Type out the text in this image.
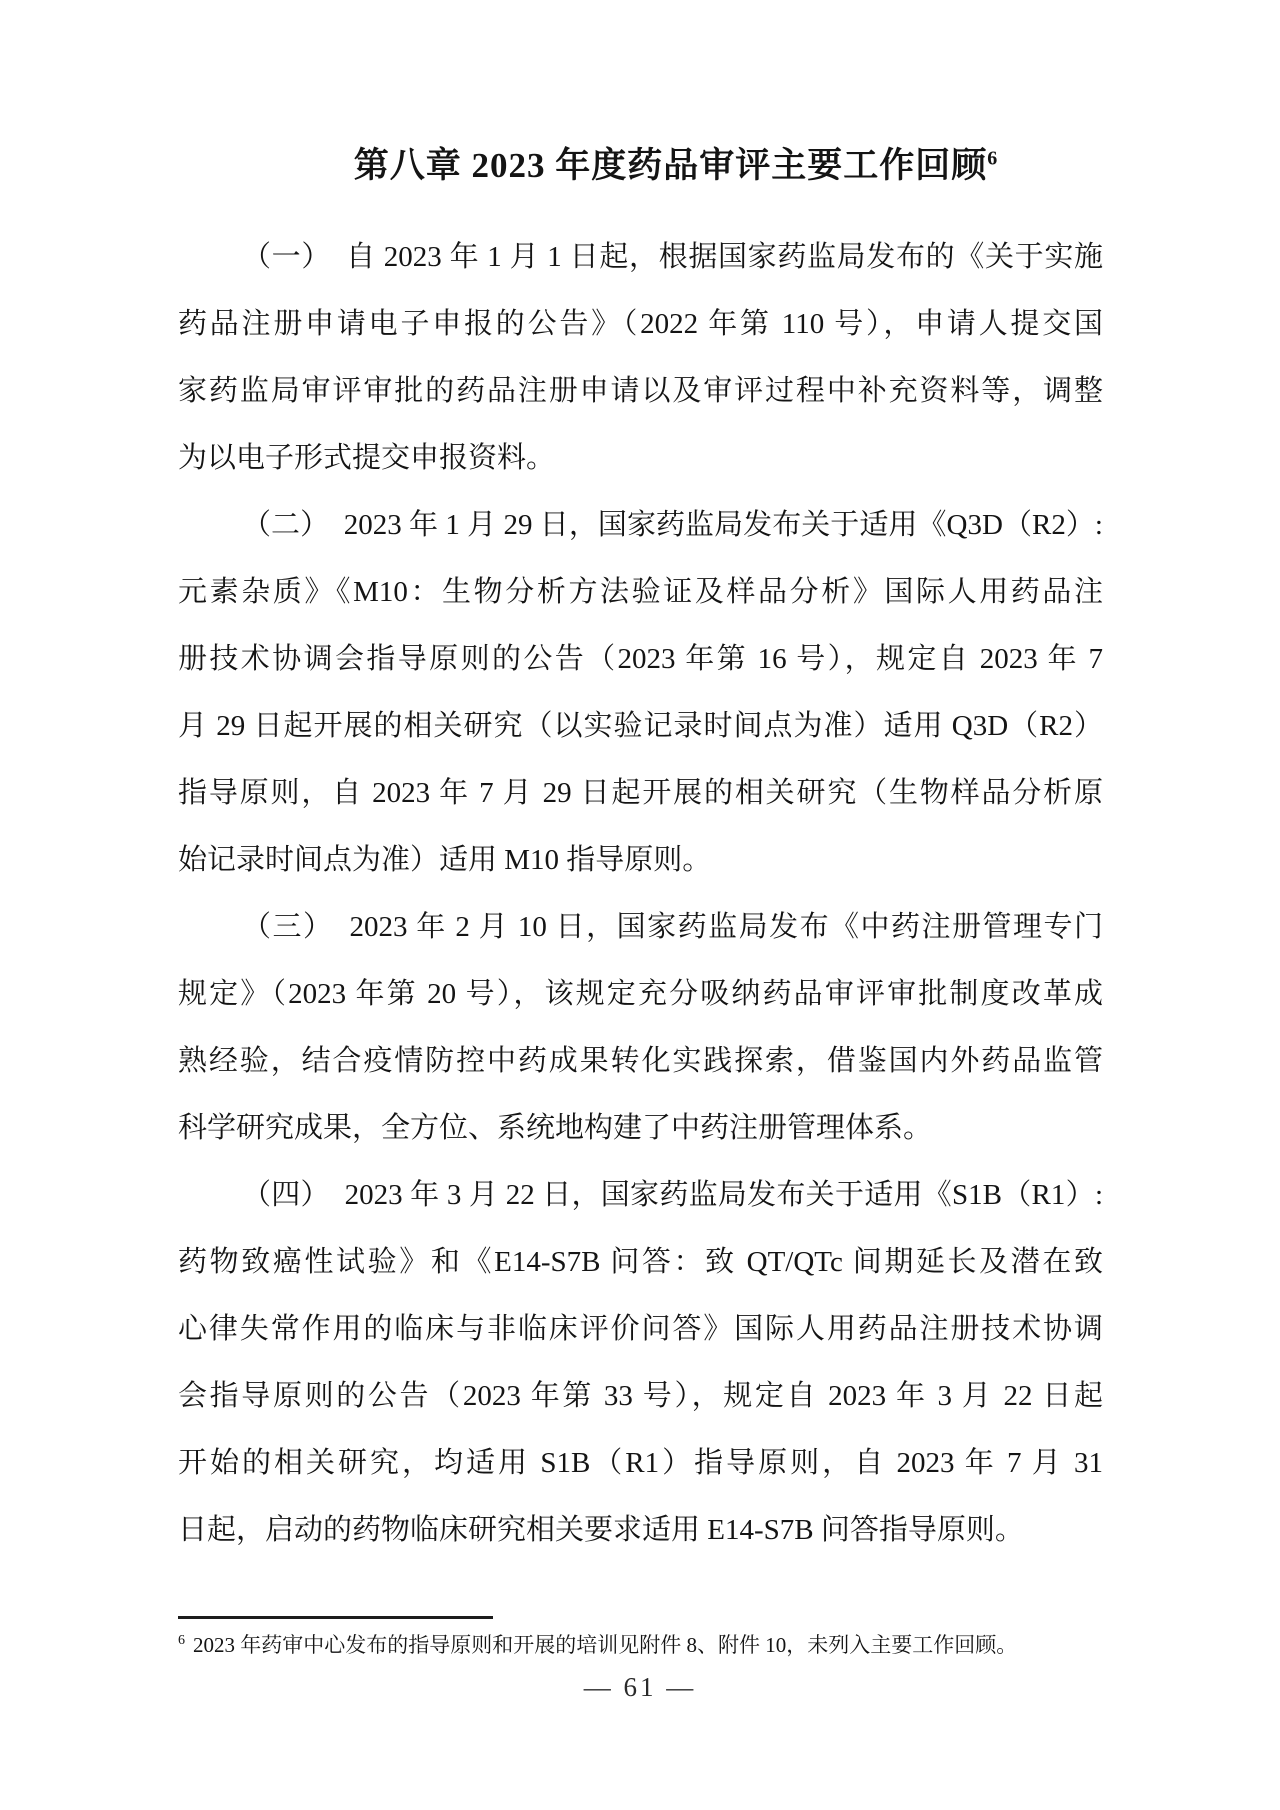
第八章 2023 年度药品审评主要工作回顾$^6$
（一）　自 2023 年 1 月 1 日起，根据国家药监局发布的《关于实施
药品注册申请电子申报的公告》（2022 年第 110 号），申请人提交国
家药监局审评审批的药品注册申请以及审评过程中补充资料等，调整
为以电子形式提交申报资料。
（二）　2023 年 1 月 29 日，国家药监局发布关于适用《Q3D（R2）:
元素杂质》《M10：生物分析方法验证及样品分析》国际人用药品注
册技术协调会指导原则的公告（2023 年第 16 号），规定自 2023 年 7
月 29 日起开展的相关研究（以实验记录时间点为准）适用 Q3D（R2）
指导原则，自 2023 年 7 月 29 日起开展的相关研究（生物样品分析原
始记录时间点为准）适用 M10 指导原则。
（三）　2023 年 2 月 10 日，国家药监局发布《中药注册管理专门
规定》（2023 年第 20 号），该规定充分吸纳药品审评审批制度改革成
熟经验，结合疫情防控中药成果转化实践探索，借鉴国内外药品监管
科学研究成果，全方位、系统地构建了中药注册管理体系。
（四）　2023 年 3 月 22 日，国家药监局发布关于适用《S1B（R1）:
药物致癌性试验》和《E14-S7B 问答：致 QT/QTc 间期延长及潜在致
心律失常作用的临床与非临床评价问答》国际人用药品注册技术协调
会指导原则的公告（2023 年第 33 号），规定自 2023 年 3 月 22 日起
开始的相关研究，均适用 S1B（R1）指导原则，自 2023 年 7 月 31
日起，启动的药物临床研究相关要求适用 E14-S7B 问答指导原则。
$^6$ 2023 年药审中心发布的指导原则和开展的培训见附件 8、附件 10，未列入主要工作回顾。
— 61 —
